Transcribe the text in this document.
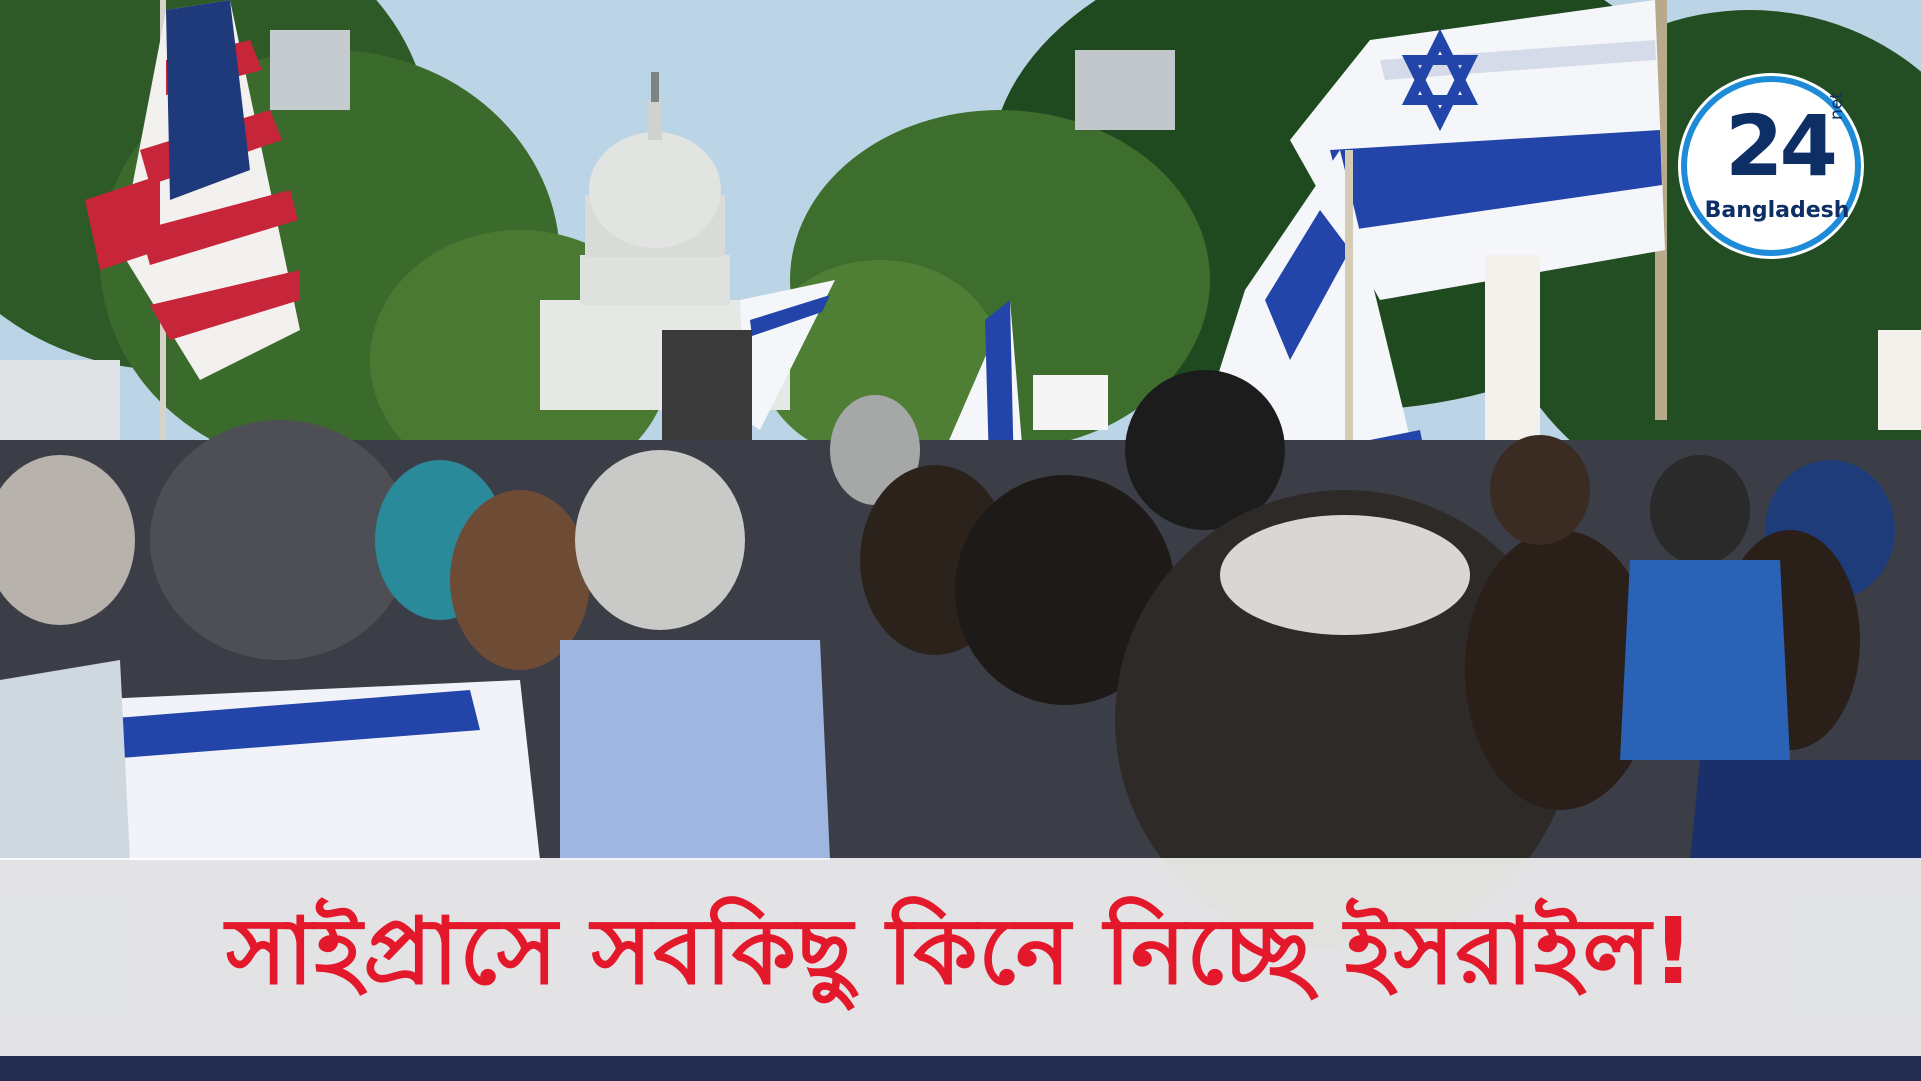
24
net
Bangladesh
সাইপ্রাসে সবকিছু কিনে নিচ্ছে ইসরাইল!
